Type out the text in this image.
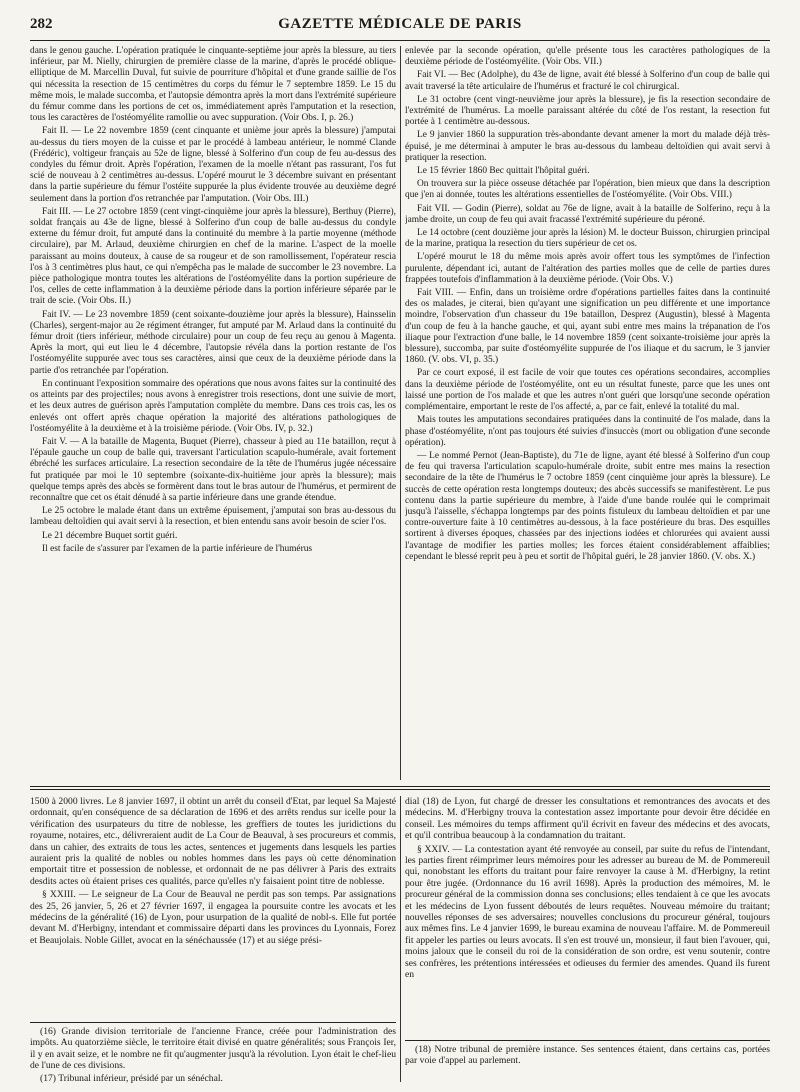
282	GAZETTE MÉDICALE DE PARIS

dans le genou gauche. L'opération pratiquée le cinquante-septième jour après la blessure, au tiers inférieur, par M. Nielly, chirurgien de première classe de la marine, d'après le procédé oblique-elliptique de M. Marcellin Duval, fut suivie de pourriture d'hôpital et d'une grande saillie de l'os qui nécessita la resection de 15 centimètres du corps du fémur le 7 septembre 1859. Le 15 du même mois, le malade succomba, et l'autopsie démontra après la mort dans l'extrémité supérieure du fémur comme dans les portions de cet os, immédiatement après l'amputation et la resection, tous les caractères de l'ostéomyélite ramollie ou avec suppuration. (Voir Obs. I, p. 26.)

Fait II. — Le 22 novembre 1859 (cent cinquante et unième jour après la blessure) j'amputai au-dessus du tiers moyen de la cuisse et par le procédé à lambeau antérieur, le nommé Clande (Frédéric), voltigeur français au 52e de ligne, blessé à Solferino d'un coup de feu au-dessus des condyles du fémur droit. Après l'opération, l'examen de la moelle n'étant pas rassurant, l'os fut scié de nouveau à 2 centimètres au-dessus. L'opéré mourut le 3 décembre suivant en présentant dans la partie supérieure du fémur l'ostéite suppurée la plus évidente trouvée au deuxième degré seulement dans la portion d'os retranchée par l'amputation. (Voir Obs. III.)

Fait III. — Le 27 octobre 1859 (cent vingt-cinquième jour après la blessure), Berthuy (Pierre), soldat français au 43e de ligne, blessé à Solferino d'un coup de balle au-dessus du condyle externe du fémur droit, fut amputé dans la continuité du membre à la partie moyenne (méthode circulaire), par M. Arlaud, deuxième chirurgien en chef de la marine. L'aspect de la moelle paraissant au moins douteux, à cause de sa rougeur et de son ramollissement, l'opérateur rescia l'os à 3 centimètres plus haut, ce qui n'empêcha pas le malade de succomber le 23 novembre. La pièce pathologique montra toutes les altérations de l'ostéomyélite dans la portion supérieure de l'os, celles de cette inflammation à la deuxième période dans la portion inférieure séparée par le trait de scie. (Voir Obs. II.)

Fait IV. — Le 23 novembre 1859 (cent soixante-douzième jour après la blessure), Hainsselin (Charles), sergent-major au 2e régiment étranger, fut amputé par M. Arlaud dans la continuité du fémur droit (tiers inférieur, méthode circulaire) pour un coup de feu reçu au genou à Magenta. Après la mort, qui eut lieu le 4 décembre, l'autopsie révéla dans la portion restante de l'os l'ostéomyélite suppurée avec tous ses caractères, ainsi que ceux de la deuxième période dans la partie d'os retranchée par l'opération.

En continuant l'exposition sommaire des opérations que nous avons faites sur la continuité des os atteints par des projectiles; nous avons à enregistrer trois resections, dont une suivie de mort, et les deux autres de guérison après l'amputation complète du membre. Dans ces trois cas, les os enlevés ont offert après chaque opération la majorité des altérations pathologiques de l'ostéomyélite à la deuxième et à la troisième période. (Voir Obs. IV, p. 32.)

Fait V. — A la bataille de Magenta, Buquet (Pierre), chasseur à pied au 11e bataillon, reçut à l'épaule gauche un coup de balle qui, traversant l'articulation scapulo-humérale, avait fortement ébréché les surfaces articulaire. La resection secondaire de la tête de l'humérus jugée nécessaire fut pratiquée par moi le 10 septembre (soixante-dix-huitième jour après la blessure); mais quelque temps après des abcès se formèrent dans tout le bras autour de l'humérus, et permirent de reconnaître que cet os était dénudé à sa partie inférieure dans une grande étendue.

Le 25 octobre le malade étant dans un extrême épuisement, j'amputai son bras au-dessous du lambeau deltoïdien qui avait servi à la resection, et bien entendu sans avoir besoin de scier l'os.

Le 21 décembre Buquet sortit guéri.

Il est facile de s'assurer par l'examen de la partie inférieure de l'humérus

enlevée par la seconde opération, qu'elle présente tous les caractères pathologiques de la deuxième période de l'ostéomyélite. (Voir Obs. VII.)

Fait VI. — Bec (Adolphe), du 43e de ligne, avait été blessé à Solferino d'un coup de balle qui avait traversé la tête articulaire de l'humérus et fracturé le col chirurgical.

Le 31 octobre (cent vingt-neuvième jour après la blessure), je fis la resection secondaire de l'extrémité de l'humérus. La moelle paraissant altérée du côté de l'os restant, la resection fut portée à 1 centimètre au-dessous.

Le 9 janvier 1860 la suppuration très-abondante devant amener la mort du malade déjà très-épuisé, je me déterminai à amputer le bras au-dessous du lambeau deltoïdien qui avait servi à pratiquer la resection.

Le 15 février 1860 Bec quittait l'hôpital guéri.

On trouvera sur la pièce osseuse détachée par l'opération, bien mieux que dans la description que j'en ai donnée, toutes les altérations essentielles de l'ostéomyélite. (Voir Obs. VIII.)

Fait VII. — Godin (Pierre), soldat au 76e de ligne, avait à la bataille de Solferino, reçu à la jambe droite, un coup de feu qui avait fracassé l'extrémité supérieure du péroné.

Le 14 octobre (cent douzième jour après la lésion) M. le docteur Buisson, chirurgien principal de la marine, pratiqua la resection du tiers supérieur de cet os.

L'opéré mourut le 18 du même mois après avoir offert tous les symptômes de l'infection purulente, dépendant ici, autant de l'altération des parties molles que de celle de parties dures frappées toutefois d'inflammation à la deuxième période. (Voir Obs. V.)

Fait VIII. — Enfin, dans un troisième ordre d'opérations partielles faites dans la continuité des os malades, je citerai, bien qu'ayant une signification un peu différente et une importance moindre, l'observation d'un chasseur du 19e bataillon, Desprez (Augustin), blessé à Magenta d'un coup de feu à la hanche gauche, et qui, ayant subi entre mes mains la trépanation de l'os iliaque pour l'extraction d'une balle, le 14 novembre 1859 (cent soixante-troisième jour après la blessure), succomba, par suite d'ostéomyélite suppurée de l'os iliaque et du sacrum, le 3 janvier 1860. (V. obs. VI, p. 35.)

Par ce court exposé, il est facile de voir que toutes ces opérations secondaires, accomplies dans la deuxième période de l'ostéomyélite, ont eu un résultat funeste, parce que les unes ont laissé une portion de l'os malade et que les autres n'ont guéri que lorsqu'une seconde opération complémentaire, emportant le reste de l'os affecté, a, par ce fait, enlevé la totalité du mal.

Mais toutes les amputations secondaires pratiquées dans la continuité de l'os malade, dans la phase d'ostéomyélite, n'ont pas toujours été suivies d'insuccès (mort ou obligation d'une seconde opération).

— Le nommé Pernot (Jean-Baptiste), du 71e de ligne, ayant été blessé à Solferino d'un coup de feu qui traversa l'articulation scapulo-humérale droite, subit entre mes mains la resection secondaire de la tête de l'humérus le 7 octobre 1859 (cent cinquième jour après la blessure). Le succès de cette opération resta longtemps douteux; des abcès successifs se manifestèrent. Le pus contenu dans la partie supérieure du membre, à l'aide d'une bande roulée qui le comprimait jusqu'à l'aisselle, s'échappa longtemps par des points fistuleux du lambeau deltoïdien et par une contre-ouverture faite à 10 centimètres au-dessous, à la face postérieure du bras. Des esquilles sortirent à diverses époques, chassées par des injections iodées et chlorurées qui avaient aussi l'avantage de modifier les parties molles; les forces étaient considérablement affaiblies; cependant le blessé reprit peu à peu et sortit de l'hôpital guéri, le 28 janvier 1860. (V. obs. X.)

1500 à 2000 livres. Le 8 janvier 1697, il obtint un arrêt du conseil d'Etat, par lequel Sa Majesté ordonnait, qu'en conséquence de sa déclaration de 1696 et des arrêts rendus sur icelle pour la vérification des usurpateurs du titre de noblesse, les greffiers de toutes les juridictions du royaume, notaires, etc., délivreraient audit de La Cour de Beauval, à ses procureurs et commis, dans un cahier, des extraits de tous les actes, sentences et jugements dans lesquels les parties auraient pris la qualité de nobles ou nobles hommes dans les pays où cette dénomination emportait titre et possession de noblesse, et ordonnait de ne pas délivrer à Paris des extraits desdits actes où étaient prises ces qualités, parce qu'elles n'y faisaient point titre de noblesse.

§ XXIII. — Le seigneur de La Cour de Beauval ne perdit pas son temps. Par assignations des 25, 26 janvier, 5, 26 et 27 février 1697, il engagea la poursuite contre les avocats et les médecins de la généralité (16) de Lyon, pour usurpation de la qualité de nobl-s. Elle fut portée devant M. d'Herbigny, intendant et commissaire départi dans les provinces du Lyonnais, Forez et Beaujolais. Noble Gillet, avocat en la sénéchaussée (17) et au siége prési-

dial (18) de Lyon, fut chargé de dresser les consultations et remontrances des avocats et des médecins. M. d'Herbigny trouva la contestation assez importante pour devoir être décidée en conseil. Les mémoires du temps affirment qu'il écrivit en faveur des médecins et des avocats, et qu'il contribua beaucoup à la condamnation du traitant.

§ XXIV. — La contestation ayant été renvoyée au conseil, par suite du refus de l'intendant, les parties firent réimprimer leurs mémoires pour les adresser au bureau de M. de Pommereuil qui, nonobstant les efforts du traitant pour faire renvoyer la cause à M. d'Herbigny, la retint pour être jugée. (Ordonnance du 16 avril 1698). Après la production des mémoires, M. le procureur général de la commission donna ses conclusions; elles tendaient à ce que les avocats et les médecins de Lyon fussent déboutés de leurs requêtes. Nouveau mémoire du traitant; nouvelles réponses de ses adversaires; nouvelles conclusions du procureur général, toujours aux mêmes fins. Le 4 janvier 1699, le bureau examina de nouveau l'affaire. M. de Pommereuil fit appeler les parties ou leurs avocats. Il s'en est trouvé un, monsieur, il faut bien l'avouer, qui, moins jaloux que le conseil du roi de la considération de son ordre, est venu soutenir, contre ses confrères, les prétentions intéressées et odieuses du fermier des amendes. Quand ils furent en

(16) Grande division territoriale de l'ancienne France, créée pour l'administration des impôts. Au quatorzième siècle, le territoire était divisé en quatre généralités; sous François Ier, il y en avait seize, et le nombre ne fit qu'augmenter jusqu'à la révolution. Lyon était le chef-lieu de l'une de ces divisions.

(17) Tribunal inférieur, présidé par un sénéchal.

(18) Notre tribunal de première instance. Ses sentences étaient, dans certains cas, portées par voie d'appel au parlement.
